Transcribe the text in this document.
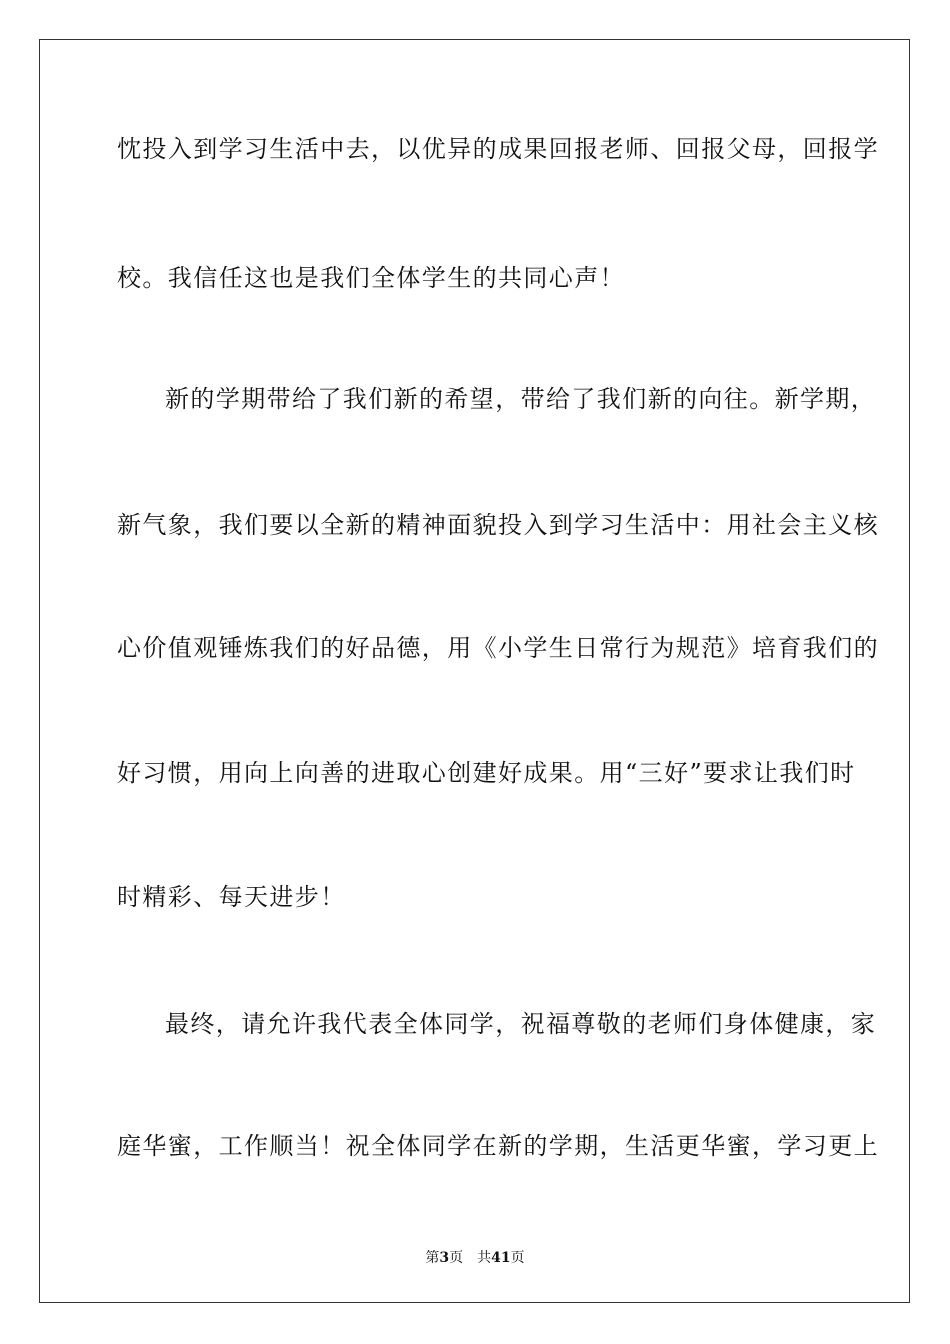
忱投入到学习生活中去，以优异的成果回报老师、回报父母，回报学
校。我信任这也是我们全体学生的共同心声！
新的学期带给了我们新的希望，带给了我们新的向往。新学期，
新气象，我们要以全新的精神面貌投入到学习生活中：用社会主义核
心价值观锤炼我们的好品德，用《小学生日常行为规范》培育我们的
好习惯，用向上向善的进取心创建好成果。用“三好”要求让我们时
时精彩、每天进步！
最终，请允许我代表全体同学，祝福尊敬的老师们身体健康，家
庭华蜜，工作顺当！祝全体同学在新的学期，生活更华蜜，学习更上
第3页 共41页
